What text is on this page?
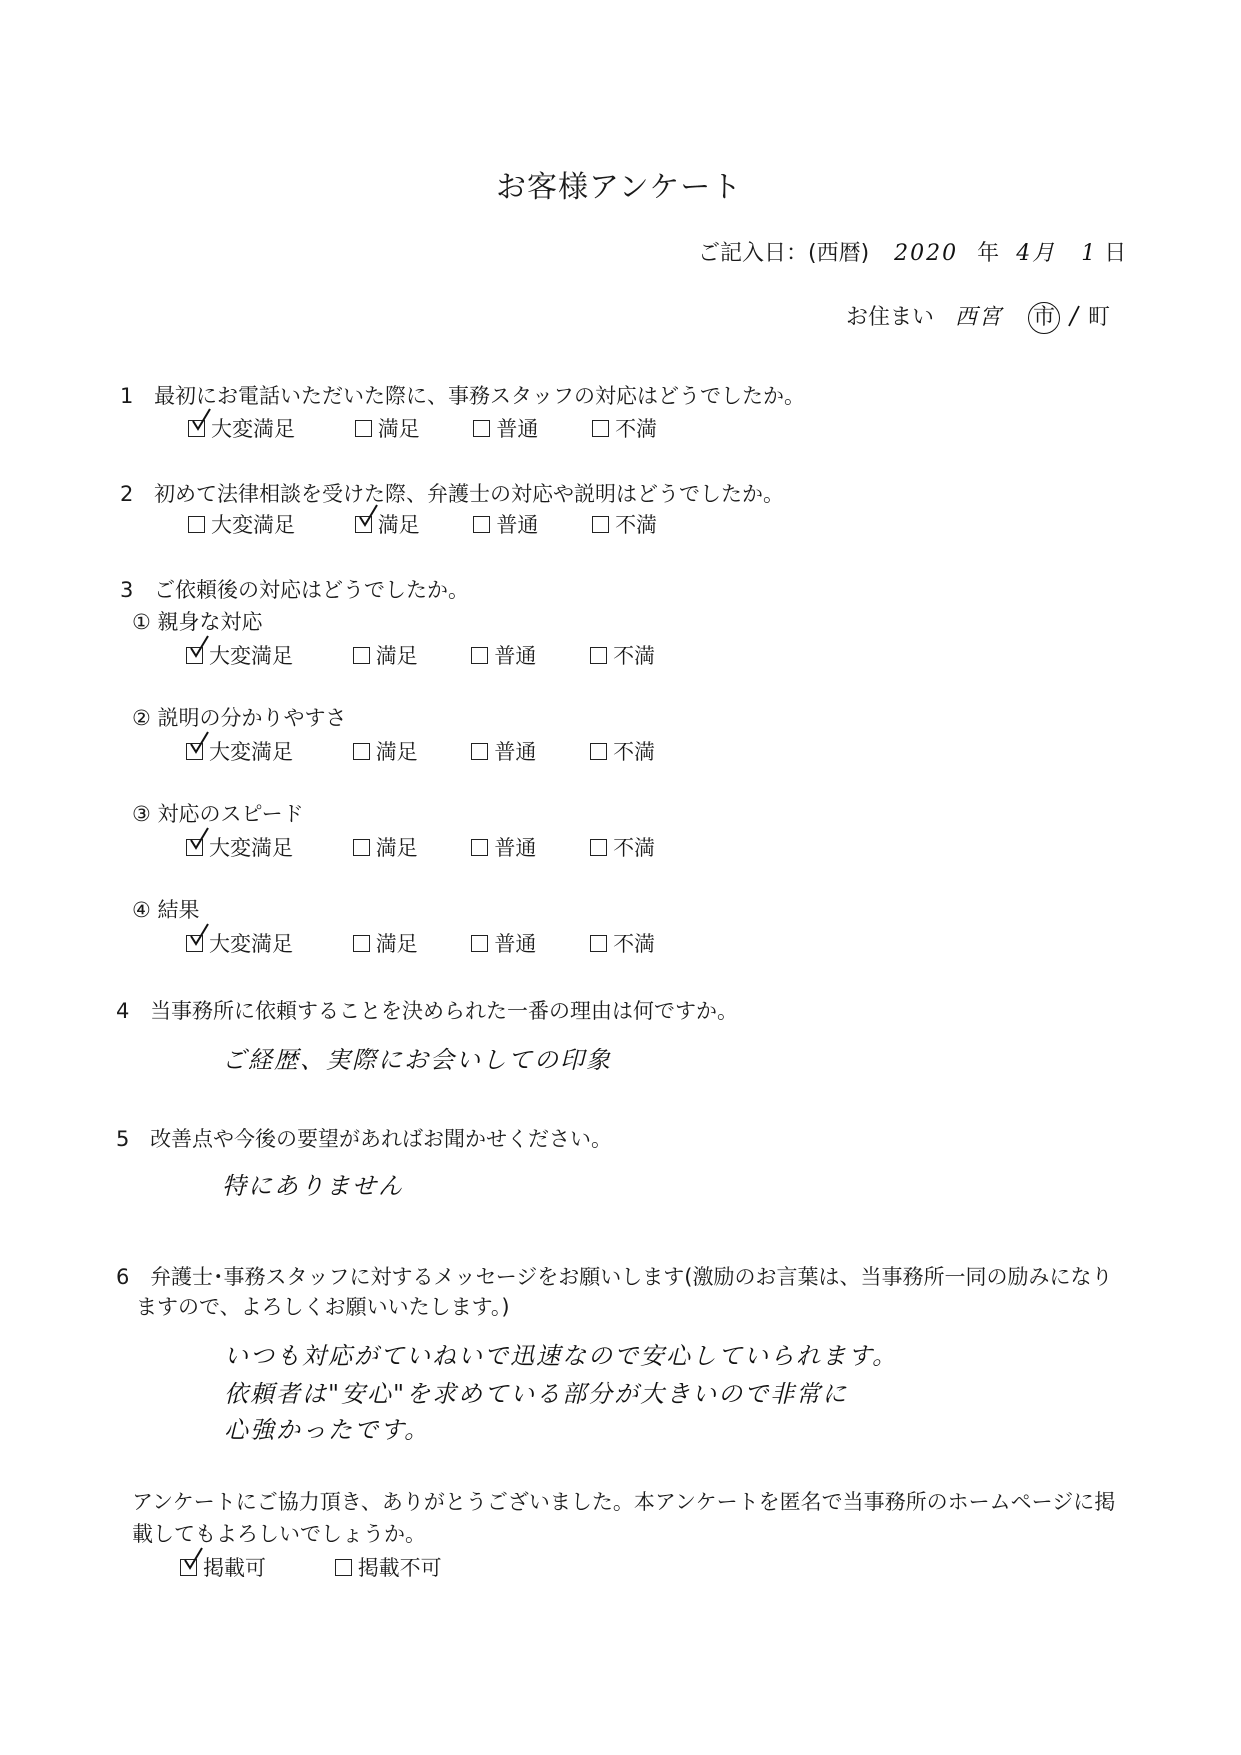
お客様アンケート
ご記入日：(西暦) 2020 年 4月 1 日
お住まい 西宮 市 町
1 最初にお電話いただいた際に、事務スタッフの対応はどうでしたか。
大変満足	満足	普通	不満
2 初めて法律相談を受けた際、弁護士の対応や説明はどうでしたか。
大変満足	満足	普通	不満
3 ご依頼後の対応はどうでしたか。
① 親身な対応
大変満足	満足	普通	不満
② 説明の分かりやすさ
大変満足	満足	普通	不満
③ 対応のスピード
大変満足	満足	普通	不満
④ 結果
大変満足	満足	普通	不満
4 当事務所に依頼することを決められた一番の理由は何ですか。
ご経歴、実際にお会いしての印象
5 改善点や今後の要望があればお聞かせください。
特にありません
6 弁護士･事務スタッフに対するメッセージをお願いします(激励のお言葉は、当事務所一同の励みになり
ますので、よろしくお願いいたします。)
いつも対応がていねいで迅速なので安心していられます。
依頼者は"安心"を求めている部分が大きいので非常に
心強かったです。
アンケートにご協力頂き、ありがとうございました。本アンケートを匿名で当事務所のホームページに掲
載してもよろしいでしょうか。
掲載可	掲載不可
